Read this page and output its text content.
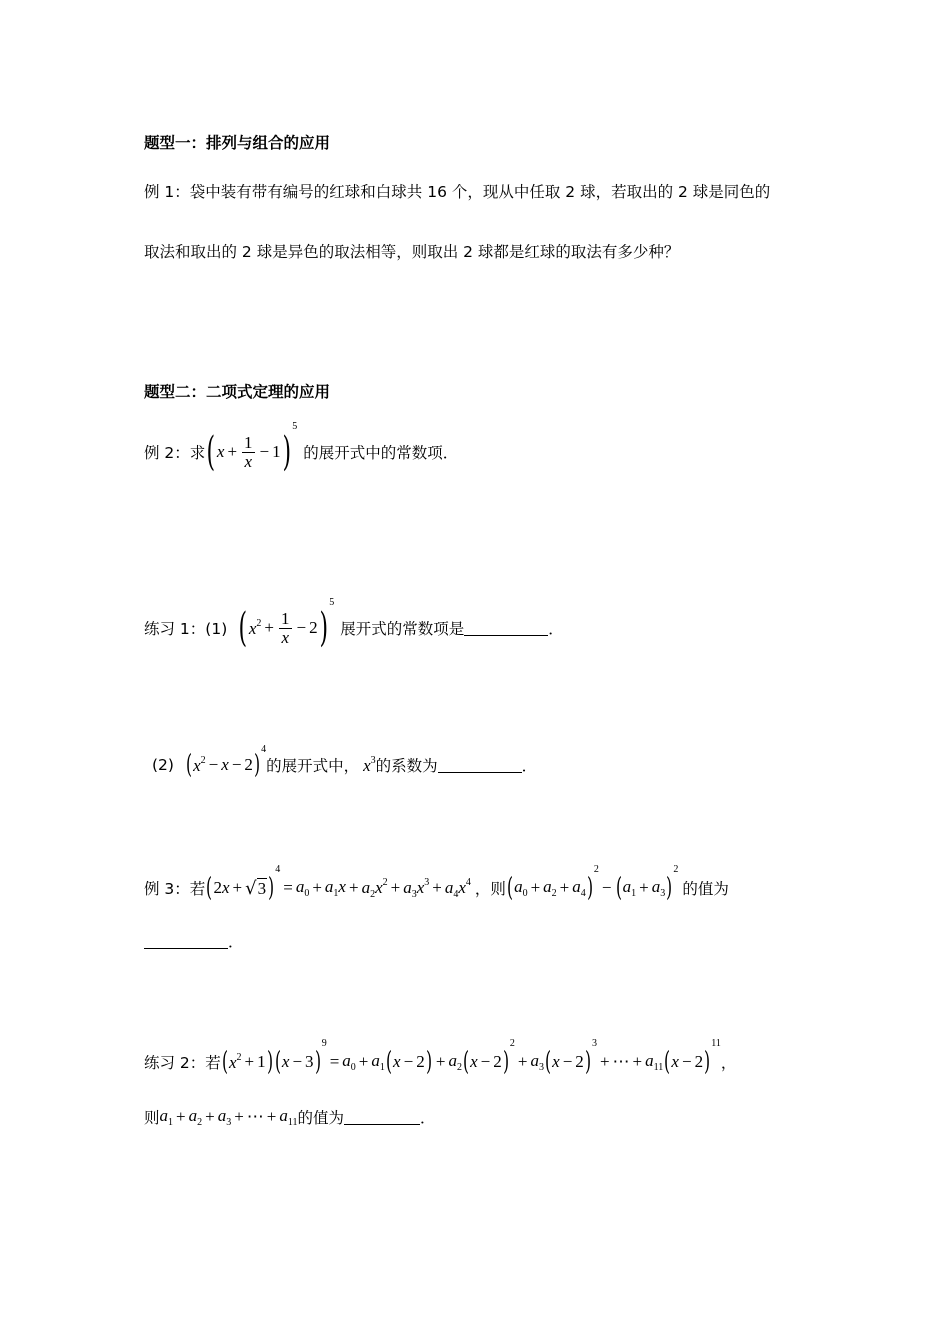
题型一：排列与组合的应用
例 1：袋中装有带有编号的红球和白球共 16 个，现从中任取 2 球，若取出的 2 球是同色的
取法和取出的 2 球是异色的取法相等，则取出 2 球都是红球的取法有多少种？
题型二：二项式定理的应用
例 2：求 ( $x + \frac{1}{x} - 1$ )
5
的展开式中的常数项．
练习 1：(1) ( $x^2 + \frac{1}{x} - 2$ )
5
展开式的常数项是	．
(2) ( $x^2 - x - 2$ )
4
的展开式中， $x^3$ 的系数为	．
例 3：若 ( 2 x + √ 3 )
4
= $a_0 + a_1x + a_2x^2 + a_3x^3 + a_4x^4$ ，则 ( $a_0 + a_2 + a_4$ )
2
− ( $a_1 + a_3$ )
2
的值为
．
练习 2：若 ( $x^2 + 1$ ) ( x − 3 )
9
= $a_0 + a_1$ ( x − 2 ) + $a_2$ ( x − 2 )
2
+ $a_3$ ( x − 2 )
3
+ ⋯ + $a_{11}$ ( x − 2 )
11
，
则 $a_1 + a_2 + a_3$ + ⋯ + $a_{11}$ 的值为	．
